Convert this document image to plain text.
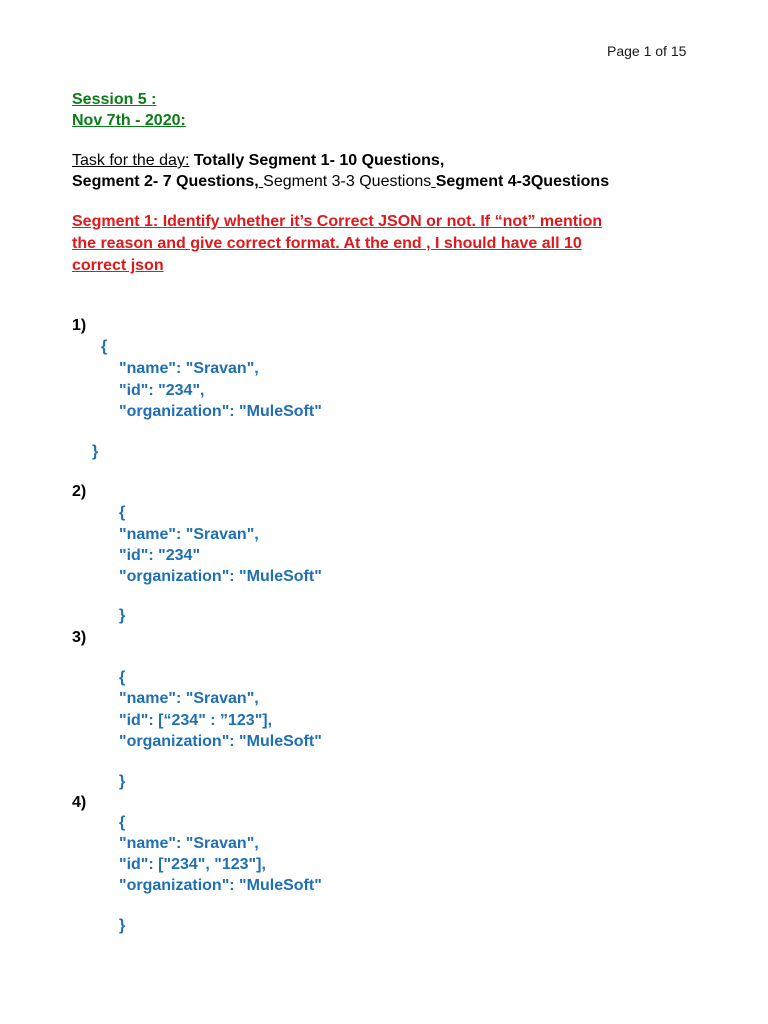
Page 1 of 15
Session 5 :
Nov 7th - 2020:
Task for the day: Totally Segment 1- 10 Questions,
Segment 2- 7 Questions, Segment 3-3 Questions Segment 4-3Questions
Segment 1: Identify whether it’s Correct JSON or not. If “not” mention
the reason and give correct format. At the end , I should have all 10
correct json
1)
{
"name": "Sravan",
"id": "234",
"organization": "MuleSoft"
}
2)
{
"name": "Sravan",
"id": "234"
"organization": "MuleSoft"
}
3)
{
"name": "Sravan",
"id": [“234" : ”123"],
"organization": "MuleSoft"
}
4)
{
"name": "Sravan",
"id": ["234", "123"],
"organization": "MuleSoft"
}
